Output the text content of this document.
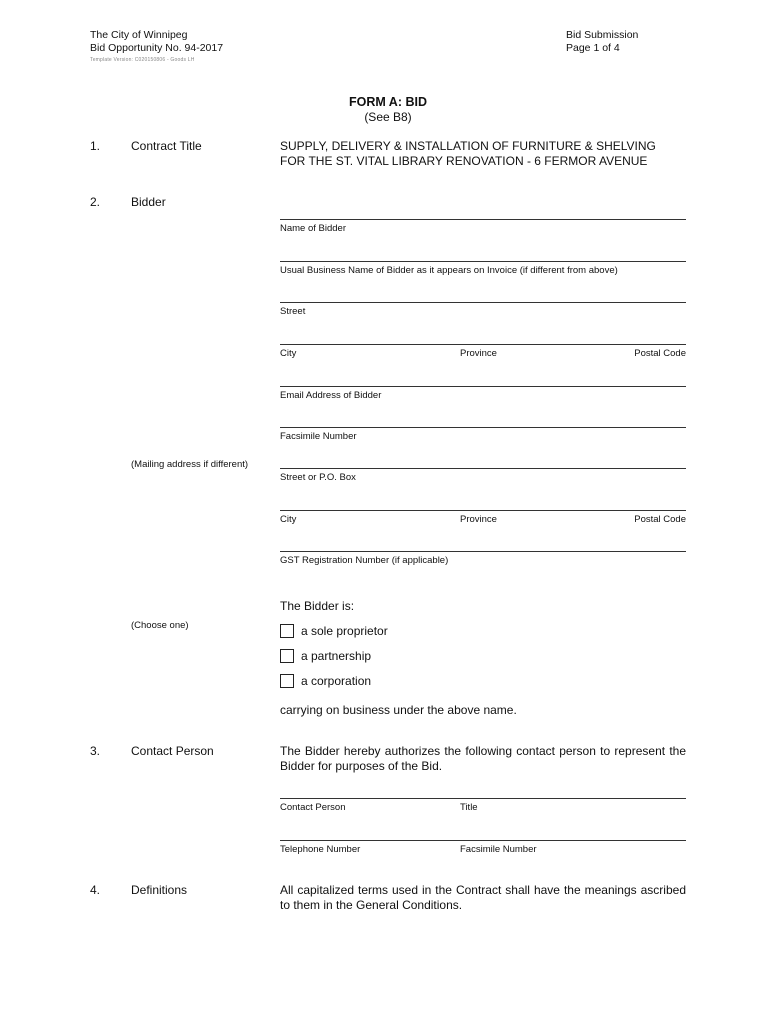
The City of Winnipeg
Bid Opportunity No. 94-2017
Template Version: C020150806 - Goods LH
Bid Submission
Page 1 of 4
FORM A: BID
(See B8)
1.	Contract Title	SUPPLY, DELIVERY & INSTALLATION OF FURNITURE & SHELVING
FOR THE ST. VITAL LIBRARY RENOVATION - 6 FERMOR AVENUE
2.	Bidder
Name of Bidder
Usual Business Name of Bidder as it appears on Invoice (if different from above)
Street
City	Province	Postal Code
Email Address of Bidder
Facsimile Number
(Mailing address if different)
Street or P.O. Box
City	Province	Postal Code
GST Registration Number (if applicable)
The Bidder is:
(Choose one)	a sole proprietor
a partnership
a corporation
carrying on business under the above name.
3.	Contact Person	The Bidder hereby authorizes the following contact person to represent the Bidder for purposes of the Bid.
Contact Person	Title
Telephone Number	Facsimile Number
4.	Definitions	All capitalized terms used in the Contract shall have the meanings ascribed to them in the General Conditions.
